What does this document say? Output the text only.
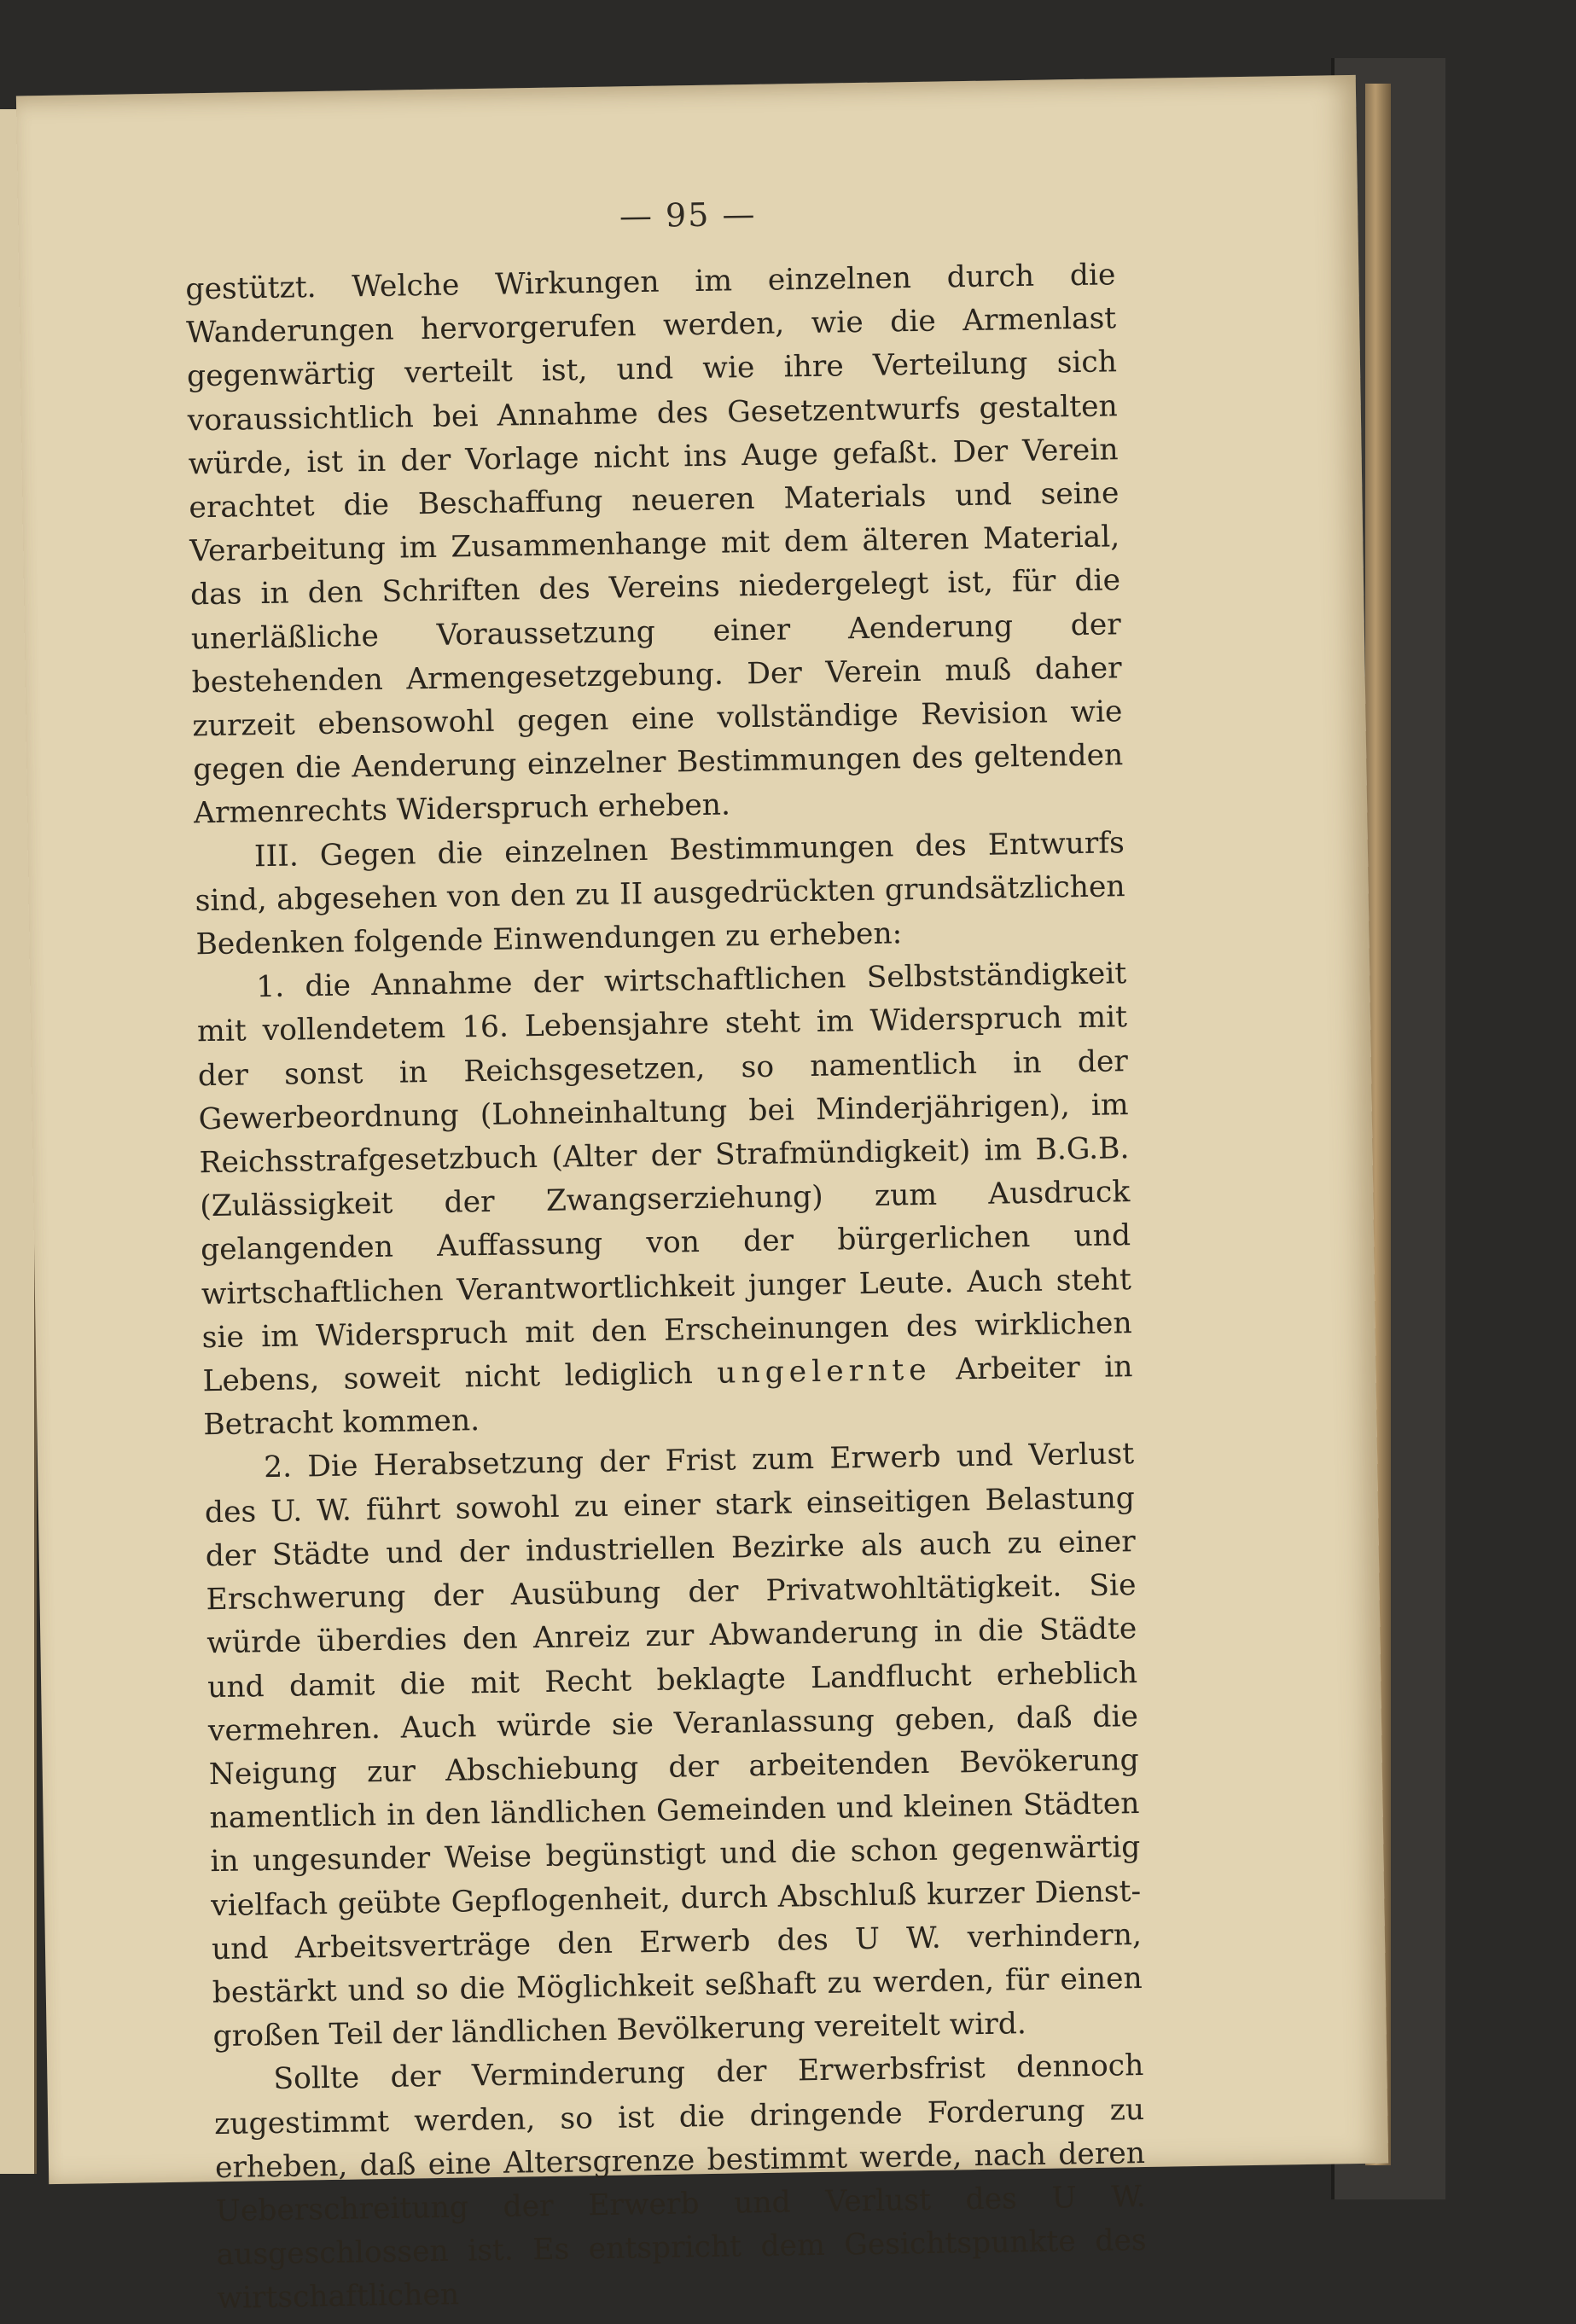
— 95 —

gestützt. Welche Wirkungen im einzelnen durch die Wanderungen hervorgerufen werden, wie die Armenlast gegenwärtig verteilt ist, und wie ihre Verteilung sich voraussichtlich bei Annahme des Gesetzentwurfs gestalten würde, ist in der Vorlage nicht ins Auge gefaßt. Der Verein erachtet die Beschaffung neueren Materials und seine Verarbeitung im Zusammenhange mit dem älteren Material, das in den Schriften des Vereins niedergelegt ist, für die unerläßliche Voraussetzung einer Aenderung der bestehenden Armengesetzgebung. Der Verein muß daher zurzeit ebensowohl gegen eine vollständige Revision wie gegen die Aenderung einzelner Bestimmungen des geltenden Armenrechts Widerspruch erheben.

III. Gegen die einzelnen Bestimmungen des Entwurfs sind, abgesehen von den zu II ausgedrückten grundsätzlichen Bedenken folgende Einwendungen zu erheben:

1. die Annahme der wirtschaftlichen Selbstständigkeit mit vollendetem 16. Lebensjahre steht im Widerspruch mit der sonst in Reichsgesetzen, so namentlich in der Gewerbeordnung (Lohneinhaltung bei Minderjährigen), im Reichsstrafgesetzbuch (Alter der Strafmündigkeit) im B.G.B. (Zulässigkeit der Zwangserziehung) zum Ausdruck gelangenden Auffassung von der bürgerlichen und wirtschaftlichen Verantwortlichkeit junger Leute. Auch steht sie im Widerspruch mit den Erscheinungen des wirklichen Lebens, soweit nicht lediglich ungelernte Arbeiter in Betracht kommen.

2. Die Herabsetzung der Frist zum Erwerb und Verlust des U. W. führt sowohl zu einer stark einseitigen Belastung der Städte und der industriellen Bezirke als auch zu einer Erschwerung der Ausübung der Privatwohltätigkeit. Sie würde überdies den Anreiz zur Abwanderung in die Städte und damit die mit Recht beklagte Landflucht erheblich vermehren. Auch würde sie Veranlassung geben, daß die Neigung zur Abschiebung der arbeitenden Bevökerung namentlich in den ländlichen Gemeinden und kleinen Städten in ungesunder Weise begünstigt und die schon gegenwärtig vielfach geübte Gepflogenheit, durch Abschluß kurzer Dienst- und Arbeitsverträge den Erwerb des U W. verhindern, bestärkt und so die Möglichkeit seßhaft zu werden, für einen großen Teil der ländlichen Bevölkerung vereitelt wird.

Sollte der Verminderung der Erwerbsfrist dennoch zugestimmt werden, so ist die dringende Forderung zu erheben, daß eine Altersgrenze bestimmt werde, nach deren Ueberschreitung der Erwerb und Verlust des U W. ausgeschlossen ist. Es entspricht dem Gesichtspunkte des wirtschaftlichen
